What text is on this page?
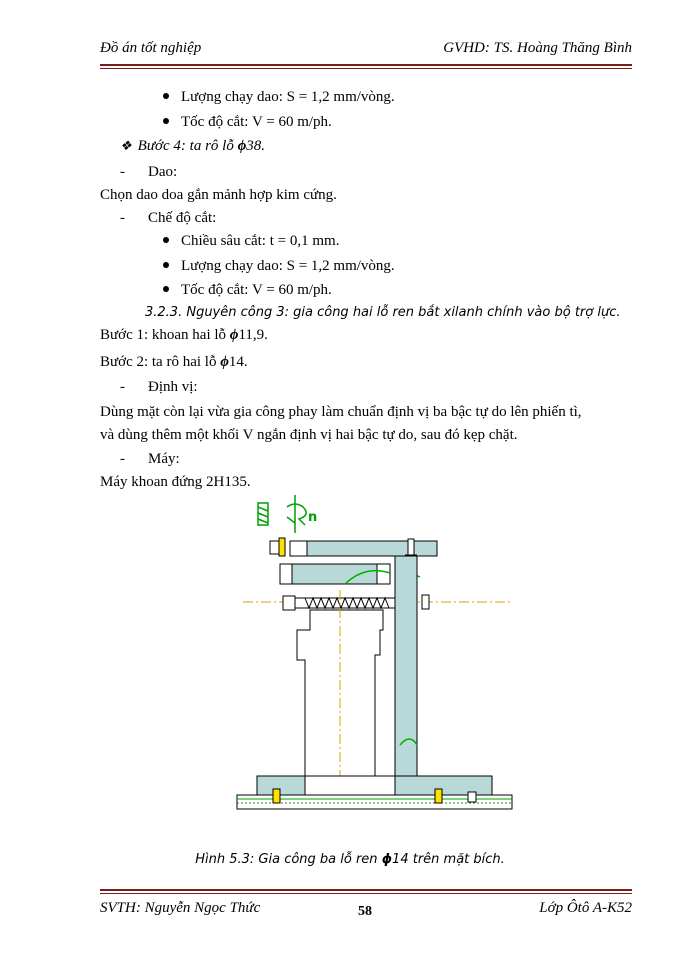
Đồ án tốt nghiệp	GVHD: TS. Hoàng Thăng Bình
Lượng chạy dao: S = 1,2 mm/vòng.
Tốc độ cắt: V = 60 m/ph.
❖ Bước 4: ta rô lỗ ϕ38.
- Dao:
Chọn dao doa gắn mảnh hợp kim cứng.
- Chế độ cắt:
Chiều sâu cắt: t = 0,1 mm.
Lượng chạy dao: S = 1,2 mm/vòng.
Tốc độ cắt: V = 60 m/ph.
3.2.3. Nguyên công 3: gia công hai lỗ ren bắt xilanh chính vào bộ trợ lực.
Bước 1: khoan hai lỗ ϕ11,9.
Bước 2: ta rô hai lỗ ϕ14.
- Định vị:
Dùng mặt còn lại vừa gia công phay làm chuẩn định vị ba bậc tự do lên phiến tì,
và dùng thêm một khối V ngắn định vị hai bậc tự do, sau đó kẹp chặt.
- Máy:
Máy khoan đứng 2H135.
n
Hình 5.3: Gia công ba lỗ ren ϕ14 trên mặt bích.
SVTH: Nguyễn Ngọc Thức	58	Lớp Ôtô A-K52
